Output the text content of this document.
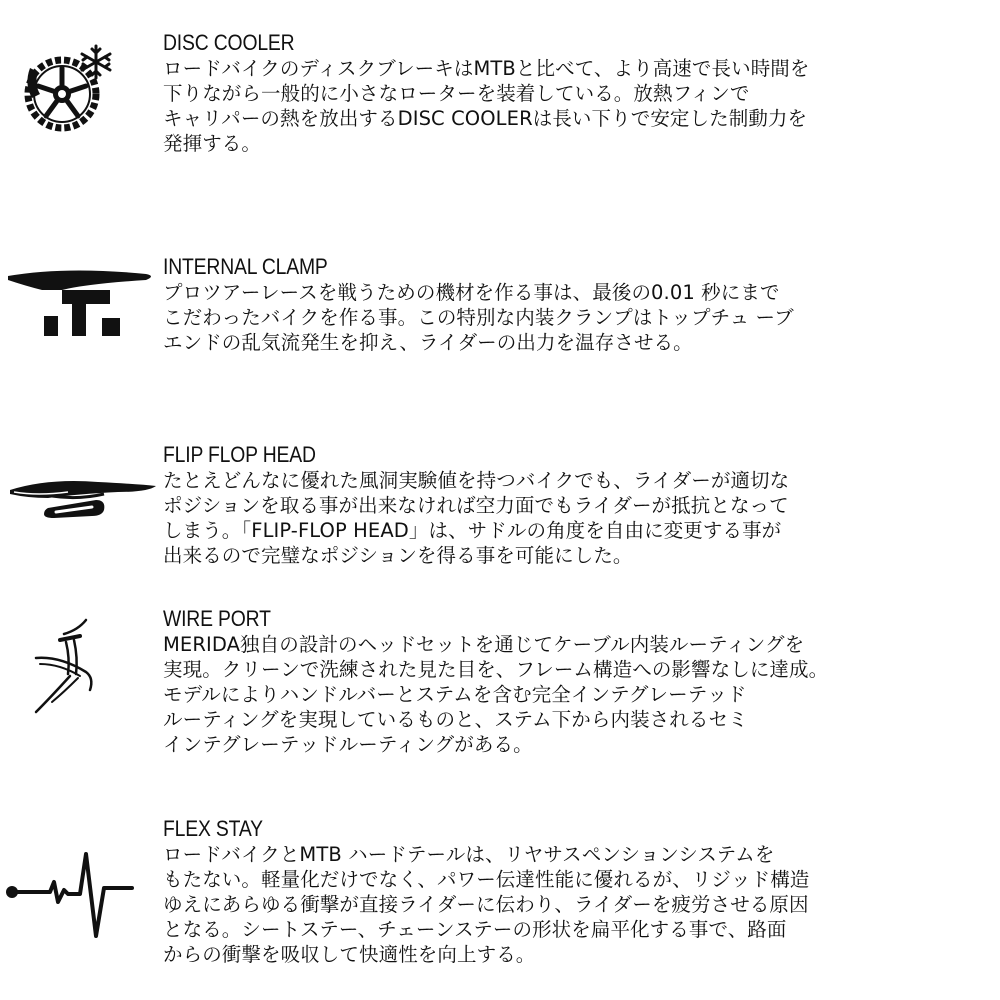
DISC COOLER
ロードバイクのディスクブレーキはMTBと比べて、より高速で長い時間を
下りながら一般的に小さなローターを装着している。放熱フィンで
キャリパーの熱を放出するDISC COOLERは長い下りで安定した制動力を
発揮する。
INTERNAL CLAMP
プロツアーレースを戦うための機材を作る事は、最後の0.01 秒にまで
こだわったバイクを作る事。この特別な内装クランプはトップチュ ーブ
エンドの乱気流発生を抑え、ライダーの出力を温存させる。
FLIP FLOP HEAD
たとえどんなに優れた風洞実験値を持つバイクでも、ライダーが適切な
ポジションを取る事が出来なければ空力面でもライダーが抵抗となって
しまう。「FLIP-FLOP HEAD」は、サドルの角度を自由に変更する事が
出来るので完璧なポジションを得る事を可能にした。
WIRE PORT
MERIDA独自の設計のヘッドセットを通じてケーブル内装ルーティングを
実現。クリーンで洗練された見た目を、フレーム構造への影響なしに達成。
モデルによりハンドルバーとステムを含む完全インテグレーテッド
ルーティングを実現しているものと、ステム下から内装されるセミ
インテグレーテッドルーティングがある。
FLEX STAY
ロードバイクとMTB ハードテールは、リヤサスペンションシステムを
もたない。軽量化だけでなく、パワー伝達性能に優れるが、リジッド構造
ゆえにあらゆる衝撃が直接ライダーに伝わり、ライダーを疲労させる原因
となる。シートステー、チェーンステーの形状を扁平化する事で、路面
からの衝撃を吸収して快適性を向上する。
